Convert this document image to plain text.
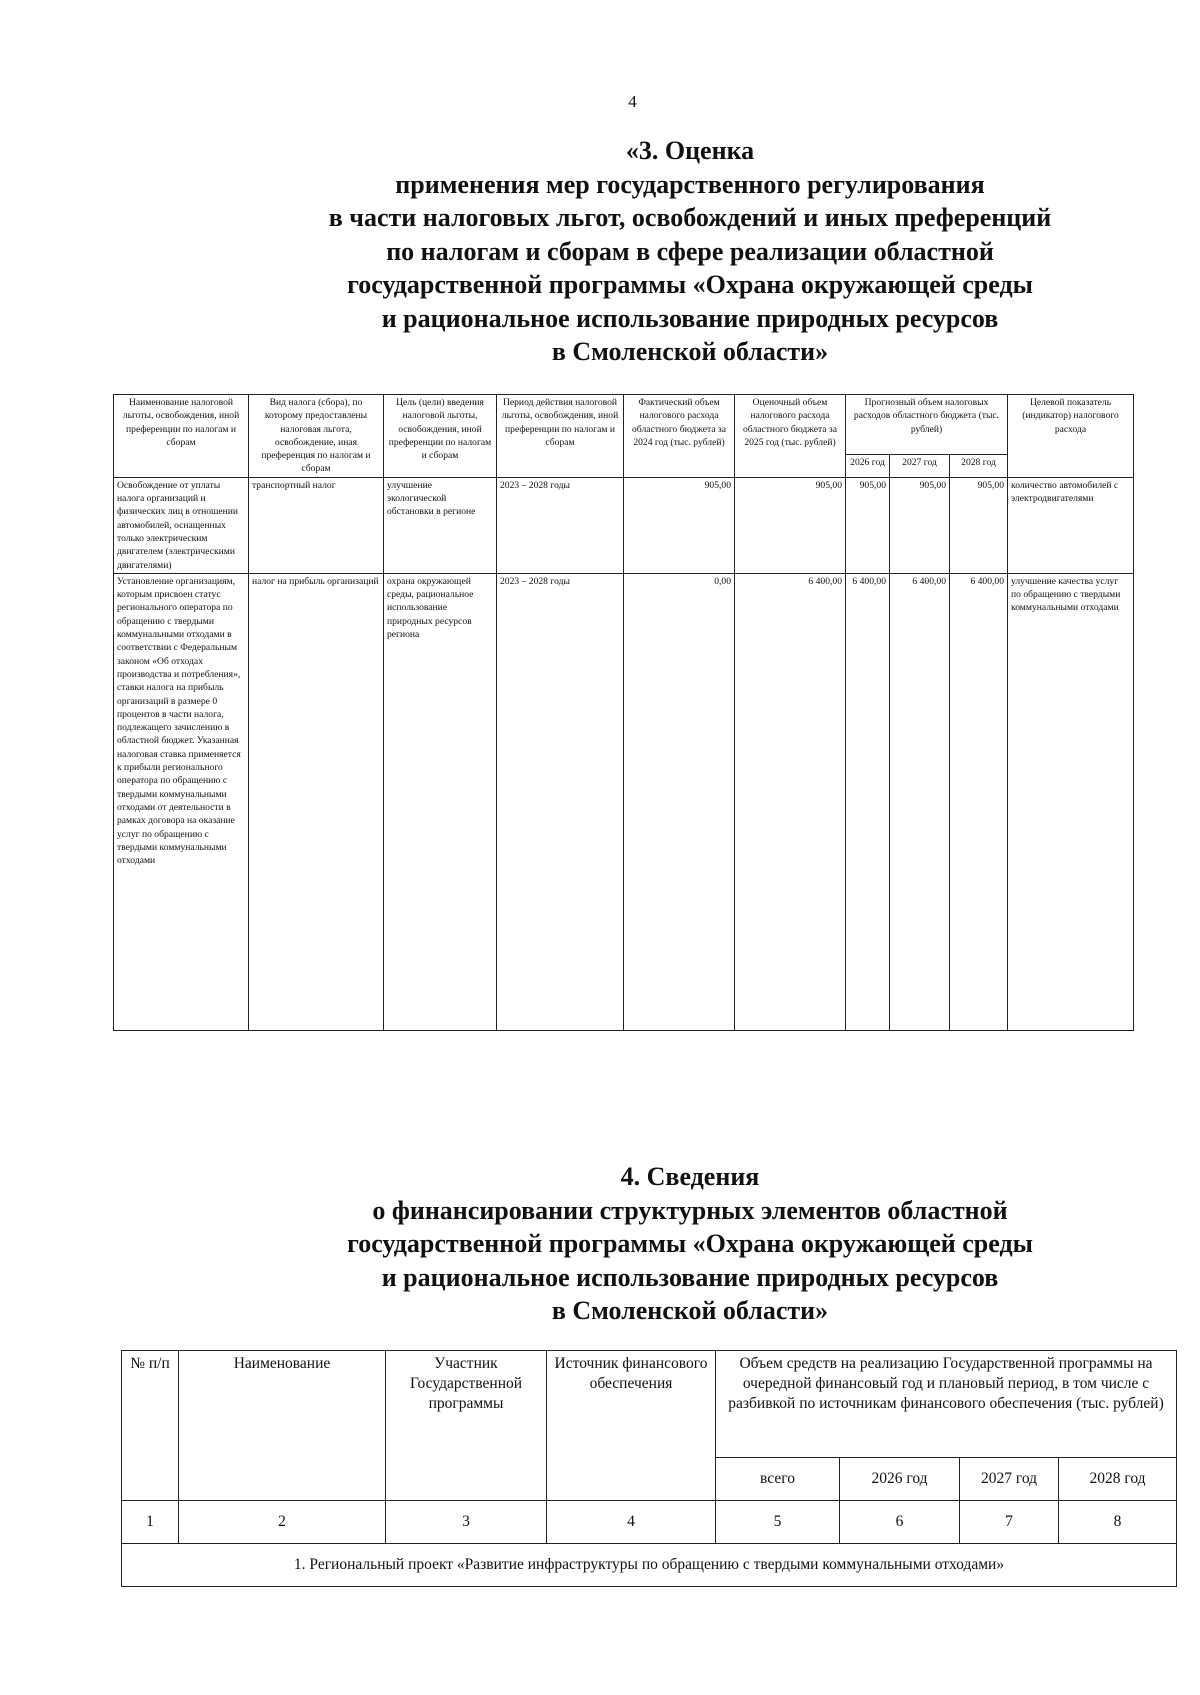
4
«3. Оценка
применения мер государственного регулирования
в части налоговых льгот, освобождений и иных преференций
по налогам и сборам в сфере реализации областной
государственной программы «Охрана окружающей среды
и рациональное использование природных ресурсов
в Смоленской области»
Наименование налоговой льготы, освобождения, иной преференции по налогам и сборам	Вид налога (сбора), по которому предоставлены налоговая льгота, освобождение, иная преференция по налогам и сборам	Цель (цели) введения налоговой льготы, освобождения, иной преференции по налогам и сборам	Период действия налоговой льготы, освобождения, иной преференции по налогам и сборам	Фактический объем налогового расхода областного бюджета за 2024 год (тыс. рублей)	Оценочный объем налогового расхода областного бюджета за 2025 год (тыс. рублей)	Прогнозный объем налоговых расходов областного бюджета (тыс. рублей)			Целевой показатель (индикатор) налогового расхода
						2026 год	2027 год	2028 год	
Освобождение от уплаты налога организаций и физических лиц в отношении автомобилей, оснащенных только электрическим двигателем (электрическими двигателями)	транспортный налог	улучшение экологической обстановки в регионе	2023 – 2028 годы	905,00	905,00	905,00	905,00	905,00	количество автомобилей с электродвигателями
Установление организациям, которым присвоен статус регионального оператора по обращению с твердыми коммунальными отходами в соответствии с Федеральным законом «Об отходах производства и потребления», ставки налога на прибыль организаций в размере 0 процентов в части налога, подлежащего зачислению в областной бюджет. Указанная налоговая ставка применяется к прибыли регионального оператора по обращению с твердыми коммунальными отходами от деятельности в рамках договора на оказание услуг по обращению с твердыми коммунальными отходами	налог на прибыль организаций	охрана окружающей среды, рациональное использование природных ресурсов региона	2023 – 2028 годы	0,00	6 400,00	6 400,00	6 400,00	6 400,00	улучшение качества услуг по обращению с твердыми коммунальными отходами
4. Сведения
о финансировании структурных элементов областной
государственной программы «Охрана окружающей среды
и рациональное использование природных ресурсов
в Смоленской области»
№ п/п	Наименование	Участник Государственной программы	Источник финансового обеспечения	Объем средств на реализацию Государственной программы на очередной финансовый год и плановый период, в том числе с разбивкой по источникам финансового обеспечения (тыс. рублей)			
				всего	2026 год	2027 год	2028 год
1	2	3	4	5	6	7	8
1. Региональный проект «Развитие инфраструктуры по обращению с твердыми коммунальными отходами»							
